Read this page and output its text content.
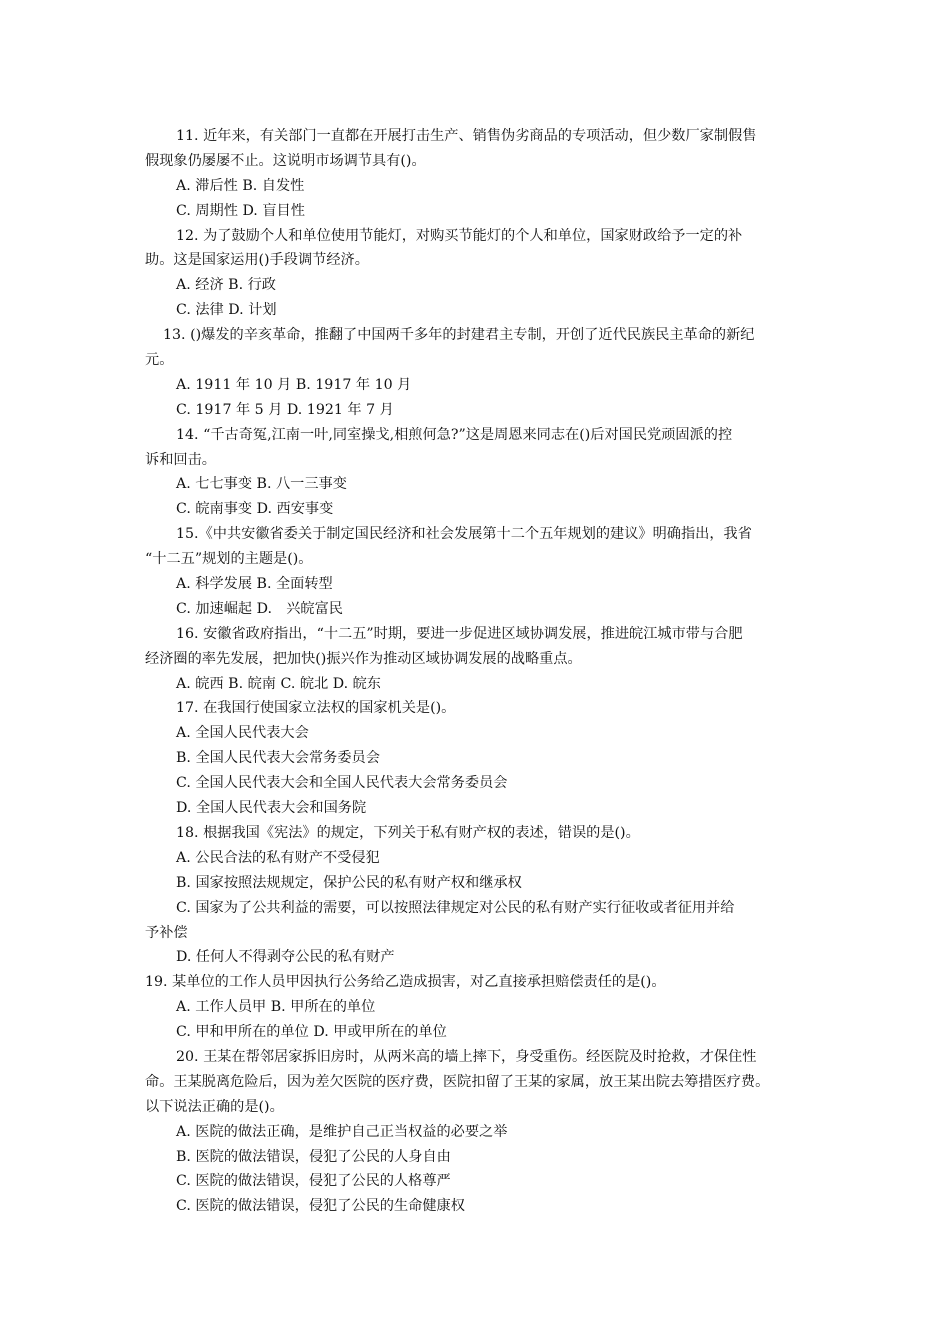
11. 近年来，有关部门一直都在开展打击生产、销售伪劣商品的专项活动，但少数厂家制假售
假现象仍屡屡不止。这说明市场调节具有()。
A. 滞后性 B. 自发性
C. 周期性 D. 盲目性
12. 为了鼓励个人和单位使用节能灯，对购买节能灯的个人和单位，国家财政给予一定的补
助。这是国家运用()手段调节经济。
A. 经济 B. 行政
C. 法律 D. 计划
13. ()爆发的辛亥革命，推翻了中国两千多年的封建君主专制，开创了近代民族民主革命的新纪
元。
A. 1911 年 10 月 B. 1917 年 10 月
C. 1917 年 5 月 D. 1921 年 7 月
14. “千古奇冤,江南一叶,同室操戈,相煎何急?”这是周恩来同志在()后对国民党顽固派的控
诉和回击。
A. 七七事变 B. 八一三事变
C. 皖南事变 D. 西安事变
15.《中共安徽省委关于制定国民经济和社会发展第十二个五年规划的建议》明确指出，我省
“十二五”规划的主题是()。
A. 科学发展 B. 全面转型
C. 加速崛起 D.　兴皖富民
16. 安徽省政府指出，“十二五”时期，要进一步促进区域协调发展，推进皖江城市带与合肥
经济圈的率先发展，把加快()振兴作为推动区域协调发展的战略重点。
A. 皖西 B. 皖南 C. 皖北 D. 皖东
17. 在我国行使国家立法权的国家机关是()。
A. 全国人民代表大会
B. 全国人民代表大会常务委员会
C. 全国人民代表大会和全国人民代表大会常务委员会
D. 全国人民代表大会和国务院
18. 根据我国《宪法》的规定，下列关于私有财产权的表述，错误的是()。
A. 公民合法的私有财产不受侵犯
B. 国家按照法规规定，保护公民的私有财产权和继承权
C. 国家为了公共利益的需要，可以按照法律规定对公民的私有财产实行征收或者征用并给
予补偿
D. 任何人不得剥夺公民的私有财产
19. 某单位的工作人员甲因执行公务给乙造成损害，对乙直接承担赔偿责任的是()。
A. 工作人员甲 B. 甲所在的单位
C. 甲和甲所在的单位 D. 甲或甲所在的单位
20. 王某在帮邻居家拆旧房时，从两米高的墙上摔下，身受重伤。经医院及时抢救，才保住性
命。王某脱离危险后，因为差欠医院的医疗费，医院扣留了王某的家属，放王某出院去筹措医疗费。
以下说法正确的是()。
A. 医院的做法正确，是维护自己正当权益的必要之举
B. 医院的做法错误，侵犯了公民的人身自由
C. 医院的做法错误，侵犯了公民的人格尊严
C. 医院的做法错误，侵犯了公民的生命健康权
